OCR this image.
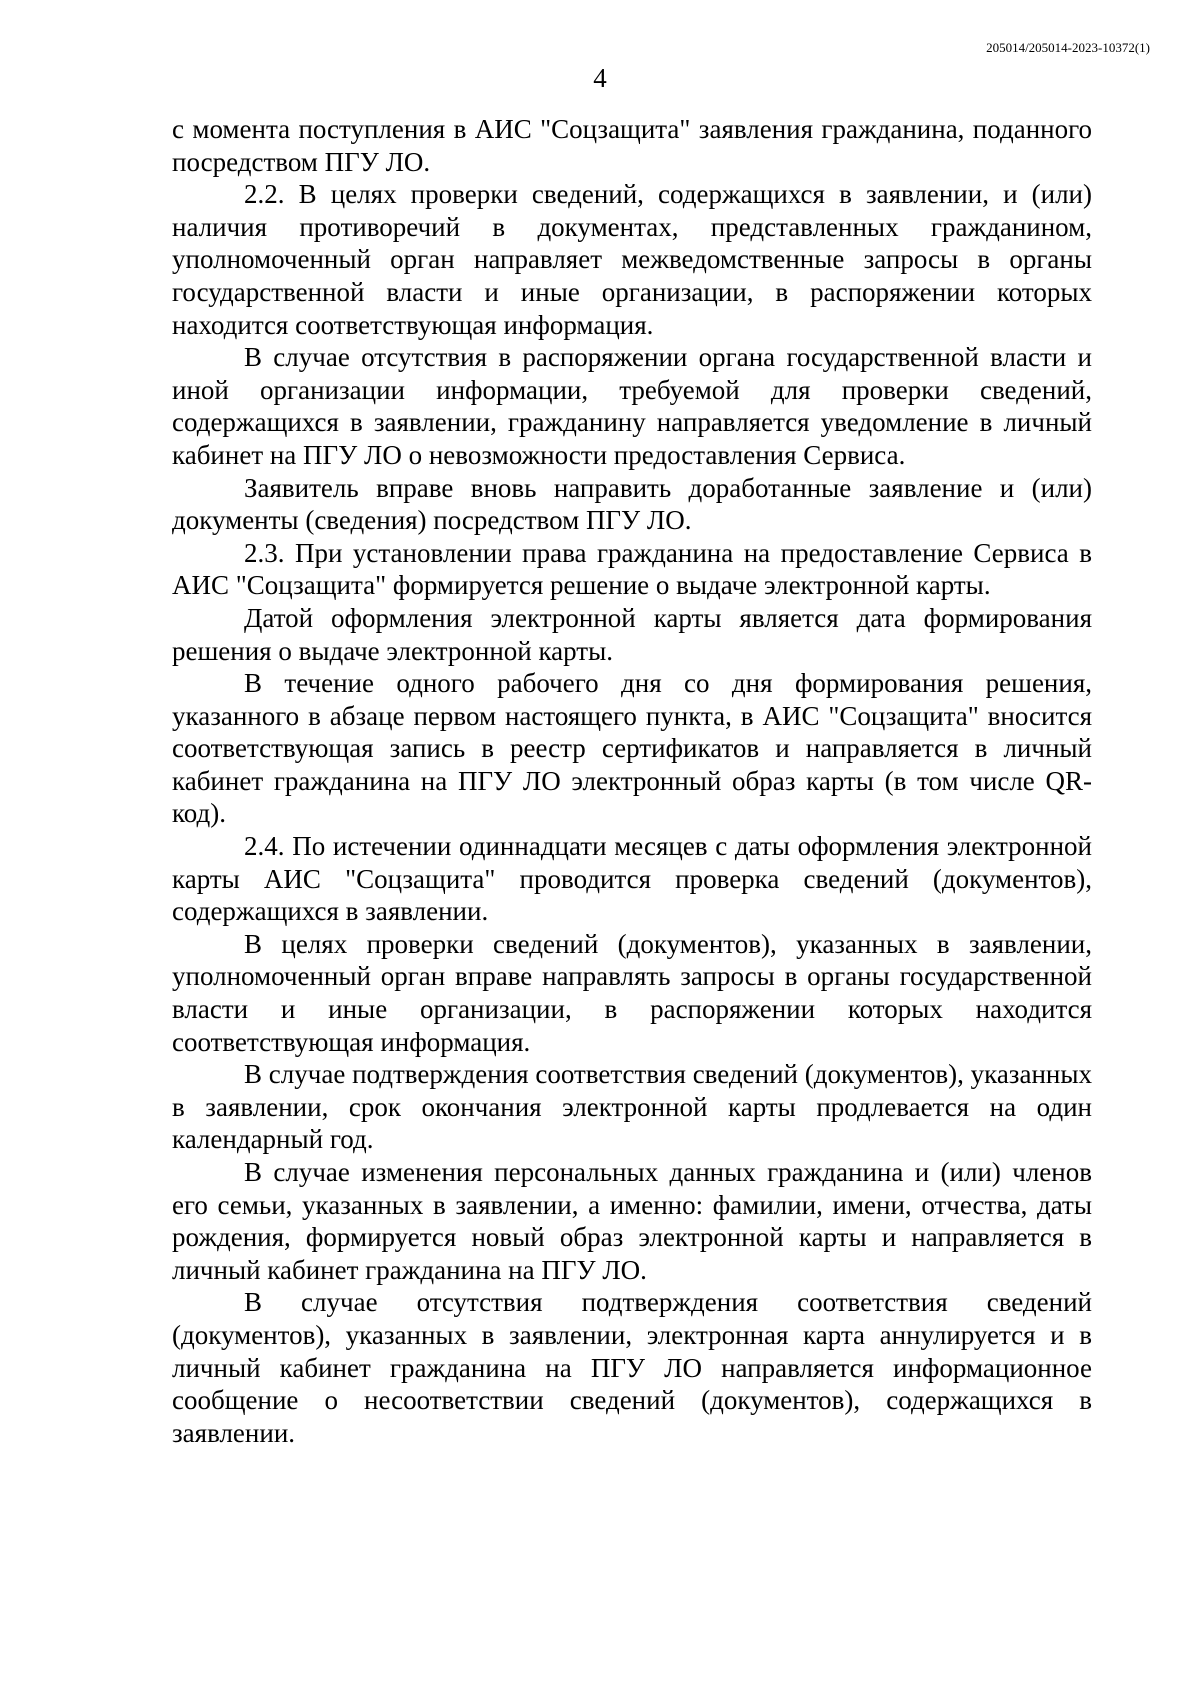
205014/205014-2023-10372(1)

4

с момента поступления в АИС "Соцзащита" заявления гражданина, поданного посредством ПГУ ЛО.

2.2. В целях проверки сведений, содержащихся в заявлении, и (или) наличия противоречий в документах, представленных гражданином, уполномоченный орган направляет межведомственные запросы в органы государственной власти и иные организации, в распоряжении которых находится соответствующая информация.

В случае отсутствия в распоряжении органа государственной власти и иной организации информации, требуемой для проверки сведений, содержащихся в заявлении, гражданину направляется уведомление в личный кабинет на ПГУ ЛО о невозможности предоставления Сервиса.

Заявитель вправе вновь направить доработанные заявление и (или) документы (сведения) посредством ПГУ ЛО.

2.3. При установлении права гражданина на предоставление Сервиса в АИС "Соцзащита" формируется решение о выдаче электронной карты.

Датой оформления электронной карты является дата формирования решения о выдаче электронной карты.

В течение одного рабочего дня со дня формирования решения, указанного в абзаце первом настоящего пункта, в АИС "Соцзащита" вносится соответствующая запись в реестр сертификатов и направляется в личный кабинет гражданина на ПГУ ЛО электронный образ карты (в том числе QR-код).

2.4. По истечении одиннадцати месяцев с даты оформления электронной карты АИС "Соцзащита" проводится проверка сведений (документов), содержащихся в заявлении.

В целях проверки сведений (документов), указанных в заявлении, уполномоченный орган вправе направлять запросы в органы государственной власти и иные организации, в распоряжении которых находится соответствующая информация.

В случае подтверждения соответствия сведений (документов), указанных в заявлении, срок окончания электронной карты продлевается на один календарный год.

В случае изменения персональных данных гражданина и (или) членов его семьи, указанных в заявлении, а именно: фамилии, имени, отчества, даты рождения, формируется новый образ электронной карты и направляется в личный кабинет гражданина на ПГУ ЛО.

В случае отсутствия подтверждения соответствия сведений (документов), указанных в заявлении, электронная карта аннулируется и в личный кабинет гражданина на ПГУ ЛО направляется информационное сообщение о несоответствии сведений (документов), содержащихся в заявлении.
